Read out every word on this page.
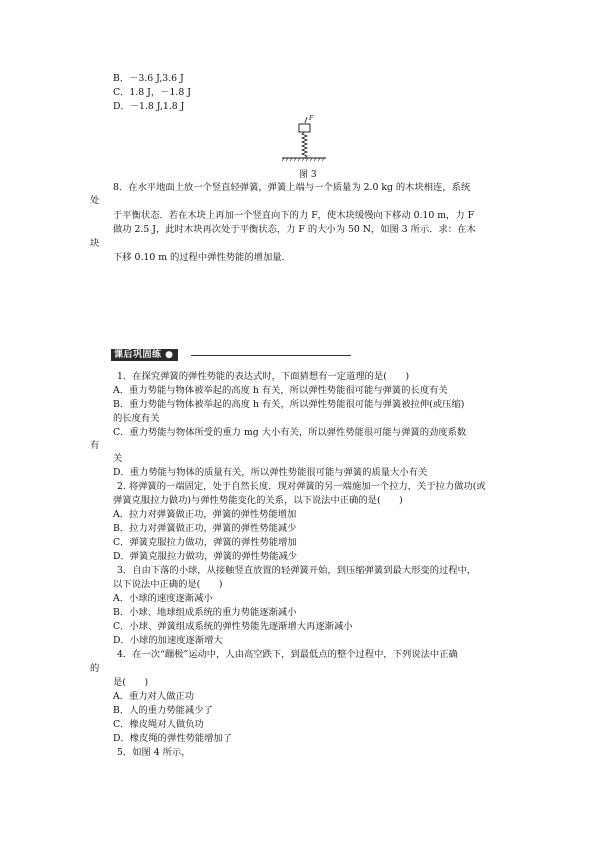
B．－3.6 J,3.6 J
C．1.8 J，－1.8 J
D．－1.8 J,1.8 J
F
图 3
8．在水平地面上放一个竖直轻弹簧，弹簧上端与一个质量为 2.0 kg 的木块相连，系统
处
于平衡状态．若在木块上再加一个竖直向下的力 F，使木块缓慢向下移动 0.10 m，力 F
做功 2.5 J，此时木块再次处于平衡状态，力 F 的大小为 50 N，如图 3 所示．求：在木
块
下移 0.10 m 的过程中弹性势能的增加量．
课后巩固练 ●
1．在探究弹簧的弹性势能的表达式时，下面猜想有一定道理的是(　　)
A．重力势能与物体被举起的高度 h 有关，所以弹性势能很可能与弹簧的长度有关
B．重力势能与物体被举起的高度 h 有关，所以弹性势能很可能与弹簧被拉伸(或压缩)
的长度有关
C．重力势能与物体所受的重力 mg 大小有关，所以弹性势能很可能与弹簧的劲度系数
有
关
D．重力势能与物体的质量有关，所以弹性势能很可能与弹簧的质量大小有关
2. 将弹簧的一端固定，处于自然长度．现对弹簧的另一端施加一个拉力，关于拉力做功(或
弹簧克服拉力做功)与弹性势能变化的关系，以下说法中正确的是(　　)
A．拉力对弹簧做正功，弹簧的弹性势能增加
B．拉力对弹簧做正功，弹簧的弹性势能减少
C．弹簧克服拉力做功，弹簧的弹性势能增加
D．弹簧克服拉力做功，弹簧的弹性势能减少
3．自由下落的小球，从接触竖直放置的轻弹簧开始，到压缩弹簧到最大形变的过程中，
以下说法中正确的是(　　)
A．小球的速度逐渐减小
B．小球、地球组成系统的重力势能逐渐减小
C．小球、弹簧组成系统的弹性势能先逐渐增大再逐渐减小
D．小球的加速度逐渐增大
4．在一次“蹦极”运动中，人由高空跌下，到最低点的整个过程中，下列说法中正确
的
是(　　)
A．重力对人做正功
B．人的重力势能减少了
C．橡皮绳对人做负功
D．橡皮绳的弹性势能增加了
5．如图 4 所示，
